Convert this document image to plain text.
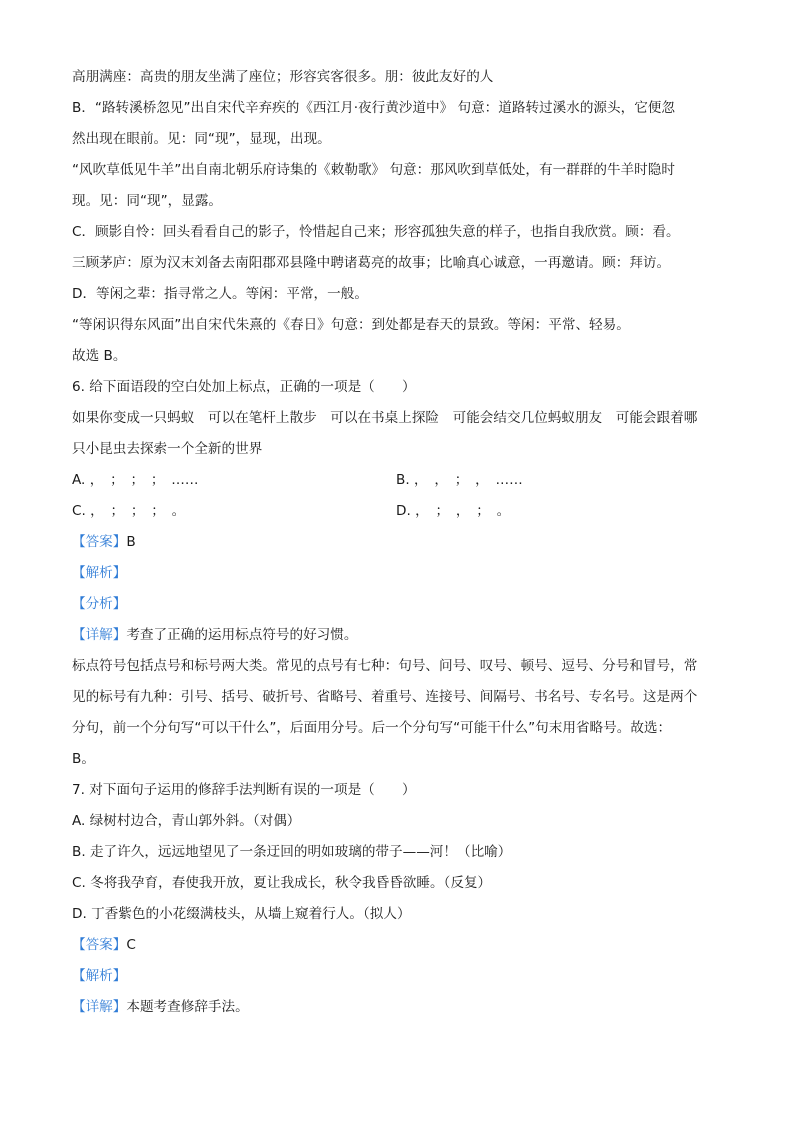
高朋满座：高贵的朋友坐满了座位；形容宾客很多。朋：彼此友好的人
B．“路转溪桥忽见”出自宋代辛弃疾的《西江月·夜行黄沙道中》 句意：道路转过溪水的源头，它便忽
然出现在眼前。见：同“现”，显现，出现。
“风吹草低见牛羊”出自南北朝乐府诗集的《敕勒歌》 句意：那风吹到草低处，有一群群的牛羊时隐时
现。见：同“现”，显露。
C．顾影自怜：回头看看自己的影子，怜惜起自己来；形容孤独失意的样子，也指自我欣赏。顾：看。
三顾茅庐：原为汉末刘备去南阳郡邓县隆中聘诸葛亮的故事；比喻真心诚意，一再邀请。顾：拜访。
D．等闲之辈：指寻常之人。等闲：平常，一般。
“等闲识得东风面”出自宋代朱熹的《春日》句意：到处都是春天的景致。等闲：平常、轻易。
故选 B。
6. 给下面语段的空白处加上标点，正确的一项是（　　）
如果你变成一只蚂蚁　可以在笔杆上散步　可以在书桌上探险　可能会结交几位蚂蚁朋友　可能会跟着哪
只小昆虫去探索一个全新的世界
A. ，　；　；　；　……	B. ，　，　；　，　……
C. ，　；　；　；　。	D. ，　；　，　；　。
【答案】B
【解析】
【分析】
【详解】考查了正确的运用标点符号的好习惯。
标点符号包括点号和标号两大类。常见的点号有七种：句号、问号、叹号、顿号、逗号、分号和冒号，常
见的标号有九种：引号、括号、破折号、省略号、着重号、连接号、间隔号、书名号、专名号。这是两个
分句，前一个分句写“可以干什么”，后面用分号。后一个分句写“可能干什么”句末用省略号。故选：
B。
7. 对下面句子运用的修辞手法判断有误的一项是（　　）
A. 绿树村边合，青山郭外斜。（对偶）
B. 走了许久，远远地望见了一条迂回的明如玻璃的带子——河！（比喻）
C. 冬将我孕育，春使我开放，夏让我成长，秋令我昏昏欲睡。（反复）
D. 丁香紫色的小花缀满枝头，从墙上窥着行人。（拟人）
【答案】C
【解析】
【详解】本题考查修辞手法。
